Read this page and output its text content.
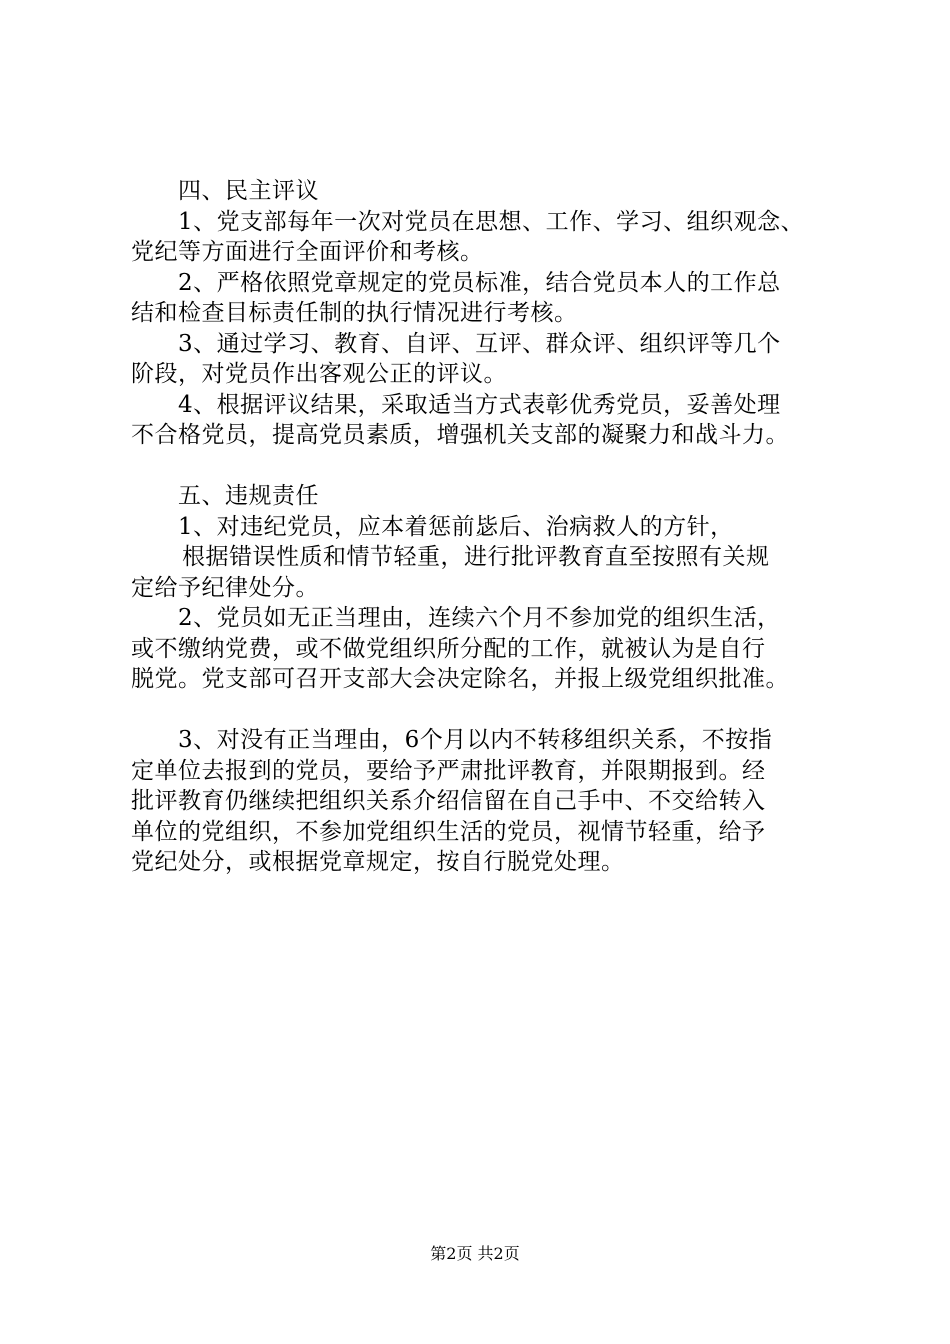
四、民主评议
1、党支部每年一次对党员在思想、工作、学习、组织观念、
党纪等方面进行全面评价和考核。
2、严格依照党章规定的党员标准，结合党员本人的工作总
结和检查目标责任制的执行情况进行考核。
3、通过学习、教育、自评、互评、群众评、组织评等几个
阶段，对党员作出客观公正的评议。
4、根据评议结果，采取适当方式表彰优秀党员，妥善处理
不合格党员，提高党员素质，增强机关支部的凝聚力和战斗力。
五、违规责任
1、对违纪党员，应本着惩前毖后、治病救人的方针，
根据错误性质和情节轻重，进行批评教育直至按照有关规
定给予纪律处分。
2、党员如无正当理由，连续六个月不参加党的组织生活，
或不缴纳党费，或不做党组织所分配的工作，就被认为是自行
脱党。党支部可召开支部大会决定除名，并报上级党组织批准。
3、对没有正当理由，6个月以内不转移组织关系，不按指
定单位去报到的党员，要给予严肃批评教育，并限期报到。经
批评教育仍继续把组织关系介绍信留在自己手中、不交给转入
单位的党组织，不参加党组织生活的党员，视情节轻重，给予
党纪处分，或根据党章规定，按自行脱党处理。
第2页 共2页
